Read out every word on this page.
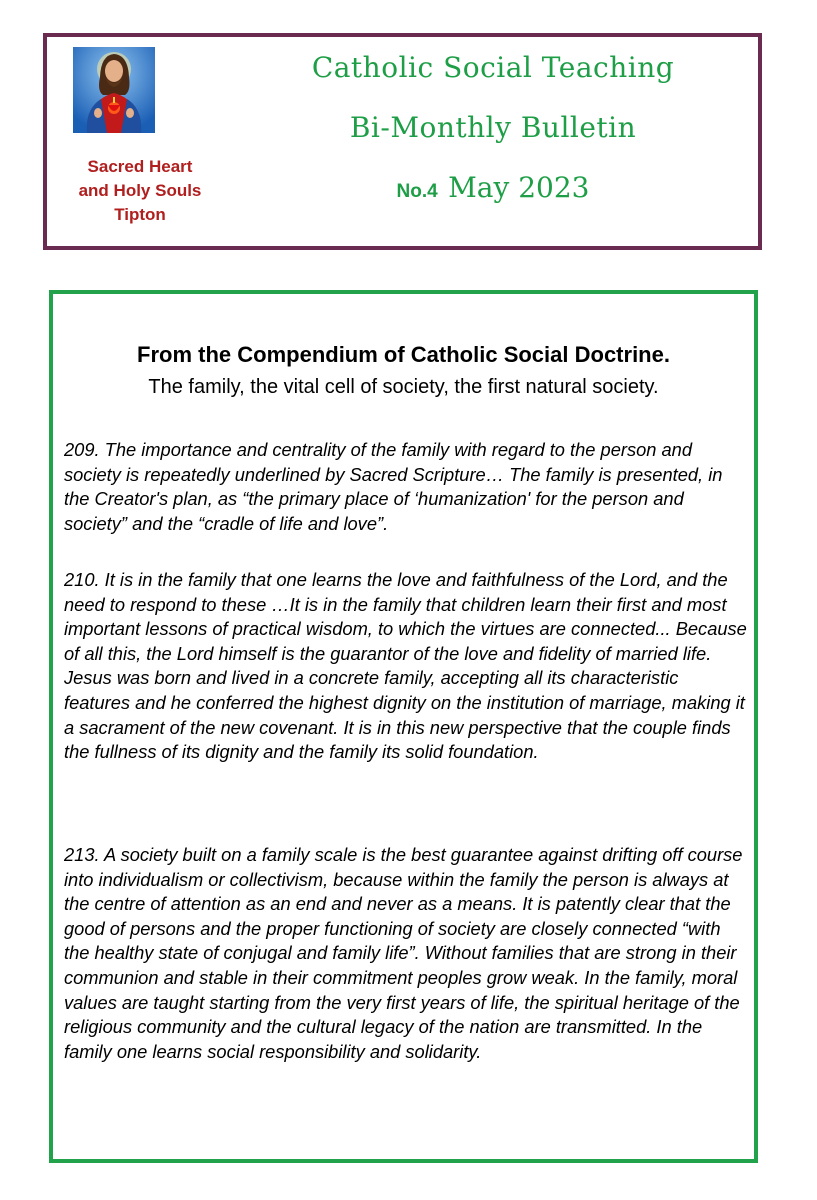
Sacred Heart
and Holy Souls
Tipton
Catholic Social Teaching
Bi-Monthly Bulletin
No.4 May 2023
From the Compendium of Catholic Social Doctrine.
The family, the vital cell of society, the first natural society.

209. The importance and centrality of the family with regard to the person and society is repeatedly underlined by Sacred Scripture… The family is presented, in the Creator's plan, as “the primary place of ‘humanization' for the person and society” and the “cradle of life and love”.

210. It is in the family that one learns the love and faithfulness of the Lord, and the need to respond to these …It is in the family that children learn their first and most important lessons of practical wisdom, to which the virtues are connected... Because of all this, the Lord himself is the guarantor of the love and fidelity of married life. Jesus was born and lived in a concrete family, accepting all its characteristic features and he conferred the highest dignity on the institution of marriage, making it a sacrament of the new covenant. It is in this new perspective that the couple finds the fullness of its dignity and the family its solid foundation.

213. A society built on a family scale is the best guarantee against drifting off course into individualism or collectivism, because within the family the person is always at the centre of attention as an end and never as a means. It is patently clear that the good of persons and the proper functioning of society are closely connected “with the healthy state of conjugal and family life”. Without families that are strong in their communion and stable in their commitment peoples grow weak. In the family, moral values are taught starting from the very first years of life, the spiritual heritage of the religious community and the cultural legacy of the nation are transmitted. In the family one learns social responsibility and solidarity.
